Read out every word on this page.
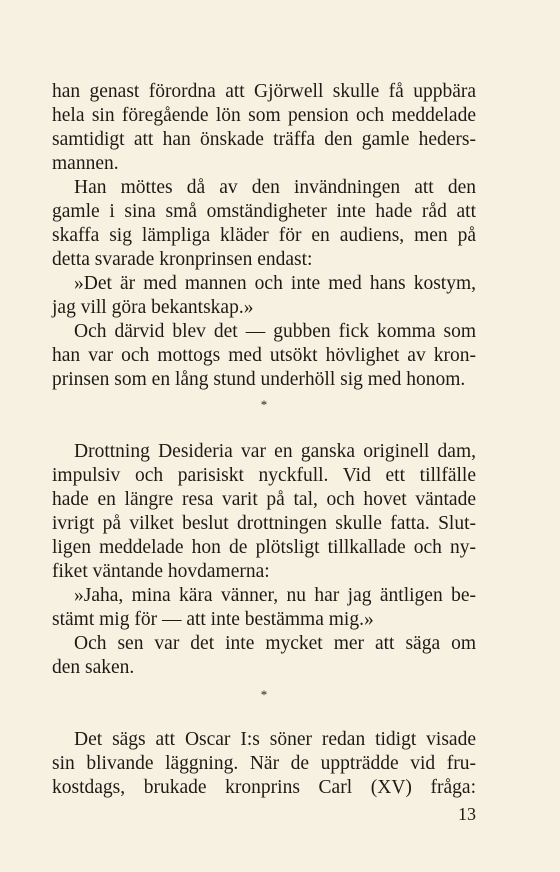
han genast förordna att Gjörwell skulle få uppbära
hela sin föregående lön som pension och meddelade
samtidigt att han önskade träffa den gamle heders-
mannen.
Han möttes då av den invändningen att den
gamle i sina små omständigheter inte hade råd att
skaffa sig lämpliga kläder för en audiens, men på
detta svarade kronprinsen endast:
»Det är med mannen och inte med hans kostym,
jag vill göra bekantskap.»
Och därvid blev det — gubben fick komma som
han var och mottogs med utsökt hövlighet av kron-
prinsen som en lång stund underhöll sig med honom.
*
Drottning Desideria var en ganska originell dam,
impulsiv och parisiskt nyckfull. Vid ett tillfälle
hade en längre resa varit på tal, och hovet väntade
ivrigt på vilket beslut drottningen skulle fatta. Slut-
ligen meddelade hon de plötsligt tillkallade och ny-
fiket väntande hovdamerna:
»Jaha, mina kära vänner, nu har jag äntligen be-
stämt mig för — att inte bestämma mig.»
Och sen var det inte mycket mer att säga om
den saken.
*
Det sägs att Oscar I:s söner redan tidigt visade
sin blivande läggning. När de uppträdde vid fru-
kostdags, brukade kronprins Carl (XV) fråga:
13
